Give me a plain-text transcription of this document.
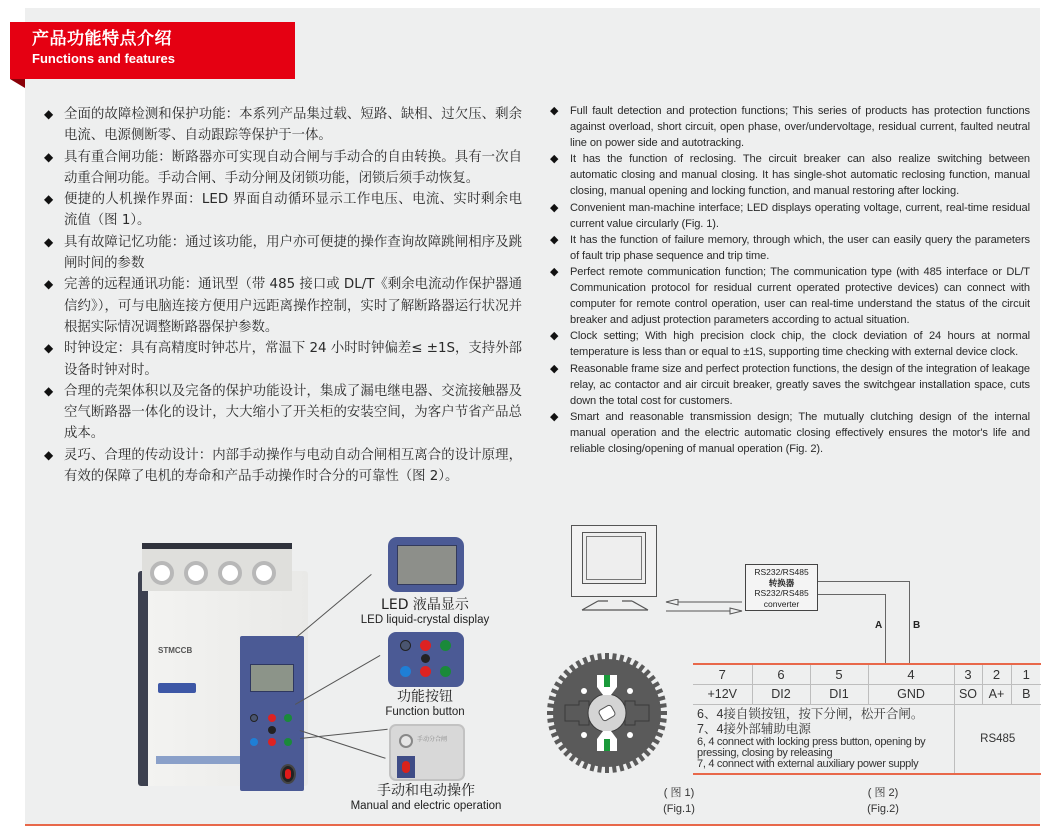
产品功能特点介绍
Functions and features
◆ 全面的故障检测和保护功能：本系列产品集过载、短路、缺相、过欠压、剩余电流、电源侧断零、自动跟踪等保护于一体。
◆ 具有重合闸功能：断路器亦可实现自动合闸与手动合的自由转换。具有一次自动重合闸功能。手动合闸、手动分闸及闭锁功能，闭锁后须手动恢复。
◆ 便捷的人机操作界面：LED 界面自动循环显示工作电压、电流、实时剩余电流值（图 1）。
◆ 具有故障记忆功能：通过该功能，用户亦可便捷的操作查询故障跳闸相序及跳闸时间的参数
◆ 完善的远程通讯功能：通讯型（带 485 接口或 DL/T《剩余电流动作保护器通信约》），可与电脑连接方便用户远距离操作控制，实时了解断路器运行状况并根据实际情况调整断路器保护参数。
◆ 时钟设定：具有高精度时钟芯片，常温下 24 小时时钟偏差≤ ±1S，支持外部设备时钟对时。
◆ 合理的壳架体积以及完备的保护功能设计，集成了漏电继电器、交流接触器及空气断路器一体化的设计，大大缩小了开关柜的安装空间，为客户节省产品总成本。
◆ 灵巧、合理的传动设计：内部手动操作与电动自动合闸相互离合的设计原理，有效的保障了电机的寿命和产品手动操作时合分的可靠性（图 2）。
◆ Full fault detection and protection functions; This series of products has protection functions against overload, short circuit, open phase, over/undervoltage, residual current, faulted neutral line on power side and autotracking.
◆ It has the function of reclosing. The circuit breaker can also realize switching between automatic closing and manual closing. It has single-shot automatic reclosing function, manual closing, manual opening and locking function, and manual restoring after locking.
◆ Convenient man-machine interface; LED displays operating voltage, current, real-time residual current value circularly (Fig. 1).
◆ It has the function of failure memory, through which, the user can easily query the parameters of fault trip phase sequence and trip time.
◆ Perfect remote communication function; The communication type (with 485 interface or DL/T Communication protocol for residual current operated protective devices) can connect with computer for remote control operation, user can real-time understand the status of the circuit breaker and adjust protection parameters according to actual situation.
◆ Clock setting; With high precision clock chip, the clock deviation of 24 hours at normal temperature is less than or equal to ±1S, supporting time checking with external device clock.
◆ Reasonable frame size and perfect protection functions, the design of the integration of leakage relay, ac contactor and air circuit breaker, greatly saves the switchgear installation space, cuts down the total cost for customers.
◆ Smart and reasonable transmission design; The mutually clutching design of the internal manual operation and the electric automatic closing effectively ensures the motor's life and reliable closing/opening of manual operation (Fig. 2).
STMCCB
LED 液晶显示
LED liquid-crystal display
功能按钮
Function button
手动分合闸
手动和电动操作
Manual and electric operation
RS232/RS485
转换器
RS232/RS485
converter
A	B
7	6	5	4	3	2	1
+12V	DI2	DI1	GND	SO	A+	B

6、4接自锁按钮，按下分闸，松开合闸。
7、4接外部辅助电源
6, 4 connect with locking press button, opening by pressing, closing by releasing
7, 4 connect with external auxiliary power supply				RS485		
( 图 1)
(Fig.1)
( 图 2)
(Fig.2)
